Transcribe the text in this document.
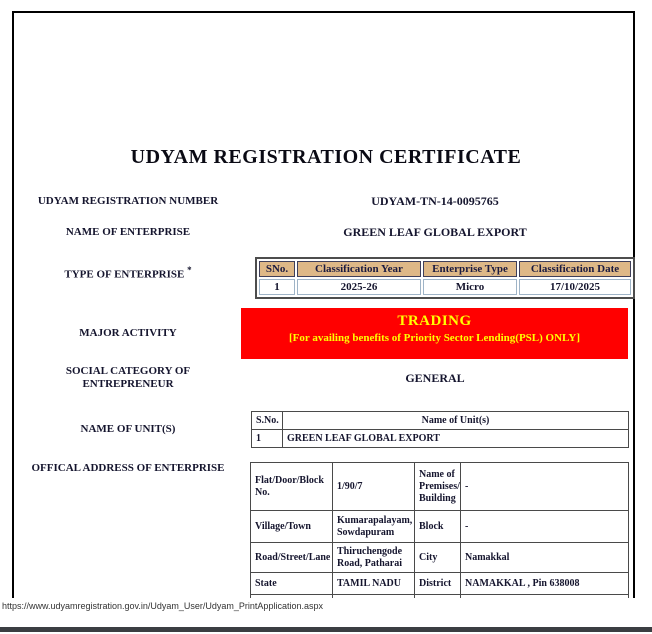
UDYAM REGISTRATION CERTIFICATE
UDYAM REGISTRATION NUMBER	UDYAM-TN-14-0095765
NAME OF ENTERPRISE	GREEN LEAF GLOBAL EXPORT
TYPE OF ENTERPRISE *	SNo.	Classification Year	Enterprise Type	Classification Date
1	2025-26	Micro	17/10/2025
MAJOR ACTIVITY
TRADING
[For availing benefits of Priority Sector Lending(PSL) ONLY]
SOCIAL CATEGORY OF ENTREPRENEUR	GENERAL
NAME OF UNIT(S)
S.No.	Name of Unit(s)
1	GREEN LEAF GLOBAL EXPORT
OFFICAL ADDRESS OF ENTERPRISE
Flat/Door/Block No.	1/90/7	Name of Premises/ Building	-
Village/Town	Kumarapalayam, Sowdapuram	Block	-
Road/Street/Lane	Thiruchengode Road, Patharai	City	Namakkal
State	TAMIL NADU	District	NAMAKKAL , Pin 638008

https://www.udyamregistration.gov.in/Udyam_User/Udyam_PrintApplication.aspx
